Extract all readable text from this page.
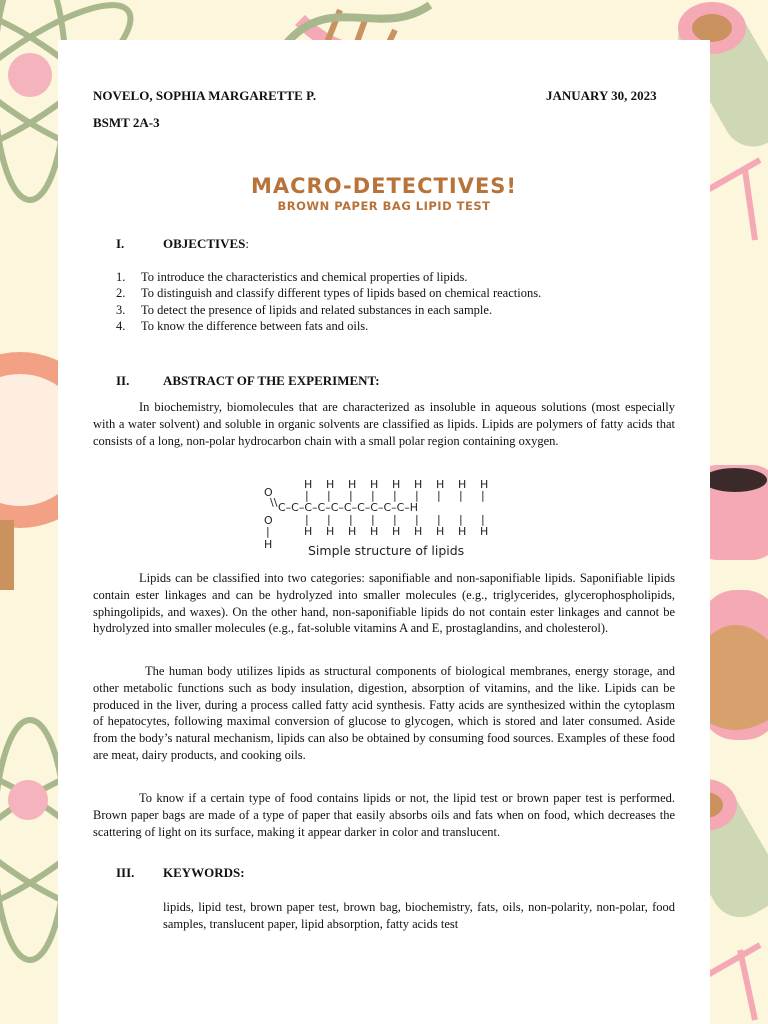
NOVELO, SOPHIA MARGARETTE P.	JANUARY 30, 2023
BSMT 2A-3
MACRO-DETECTIVES!
BROWN PAPER BAG LIPID TEST
I.	OBJECTIVES:
1.	To introduce the characteristics and chemical properties of lipids.
2.	To distinguish and classify different types of lipids based on chemical reactions.
3.	To detect the presence of lipids and related substances in each sample.
4.	To know the difference between fats and oils.
II.	ABSTRACT OF THE EXPERIMENT:

In biochemistry, biomolecules that are characterized as insoluble in aqueous solutions (most especially with a water solvent) and soluble in organic solvents are classified as lipids. Lipids are polymers of fatty acids that consists of a long, non-polar hydrocarbon chain with a small polar region containing oxygen.

H H H H H H H H H
| | | | | | | | |
O
\\ C–C–C–C–C–C–C–C–C–C–H
| | | | | | | | |
H H H H H H H H H
O
|
H	Simple structure of lipids

Lipids can be classified into two categories: saponifiable and non-saponifiable lipids. Saponifiable lipids contain ester linkages and can be hydrolyzed into smaller molecules (e.g., triglycerides, glycerophospholipids, sphingolipids, and waxes). On the other hand, non-saponifiable lipids do not contain ester linkages and cannot be hydrolyzed into smaller molecules (e.g., fat-soluble vitamins A and E, prostaglandins, and cholesterol).

The human body utilizes lipids as structural components of biological membranes, energy storage, and other metabolic functions such as body insulation, digestion, absorption of vitamins, and the like. Lipids can be produced in the liver, during a process called fatty acid synthesis. Fatty acids are synthesized within the cytoplasm of hepatocytes, following maximal conversion of glucose to glycogen, which is stored and later consumed. Aside from the body’s natural mechanism, lipids can also be obtained by consuming food sources. Examples of these food are meat, dairy products, and cooking oils.

To know if a certain type of food contains lipids or not, the lipid test or brown paper test is performed. Brown paper bags are made of a type of paper that easily absorbs oils and fats when on food, which decreases the scattering of light on its surface, making it appear darker in color and translucent.

III. KEYWORDS:

lipids, lipid test, brown paper test, brown bag, biochemistry, fats, oils, non-polarity, non-polar, food samples, translucent paper, lipid absorption, fatty acids test
